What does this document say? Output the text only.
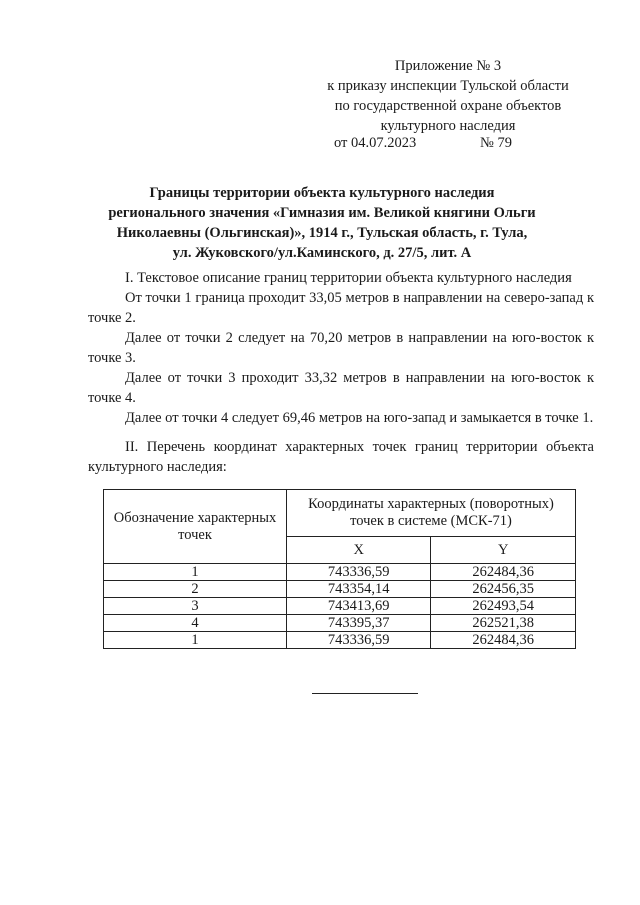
Приложение № 3
к приказу инспекции Тульской области
по государственной охране объектов
культурного наследия
от 04.07.2023	№ 79
Границы территории объекта культурного наследия
регионального значения «Гимназия им. Великой княгини Ольги
Николаевны (Ольгинская)», 1914 г., Тульская область, г. Тула,
ул. Жуковского/ул.Каминского, д. 27/5, лит. А

I. Текстовое описание границ территории объекта культурного наследия

От точки 1 граница проходит 33,05 метров в направлении на северо-запад к точке 2.

Далее от точки 2 следует на 70,20 метров в направлении на юго-восток к точке 3.

Далее от точки 3 проходит 33,32 метров в направлении на юго-восток к точке 4.

Далее от точки 4 следует 69,46 метров на юго-запад и замыкается в точке 1.

II. Перечень координат характерных точек границ территории объекта культурного наследия:

Обозначение характерных точек	Координаты характерных (поворотных) точек в системе (МСК-71)	
	X	Y
1	743336,59	262484,36
2	743354,14	262456,35
3	743413,69	262493,54
4	743395,37	262521,38
1	743336,59	262484,36
